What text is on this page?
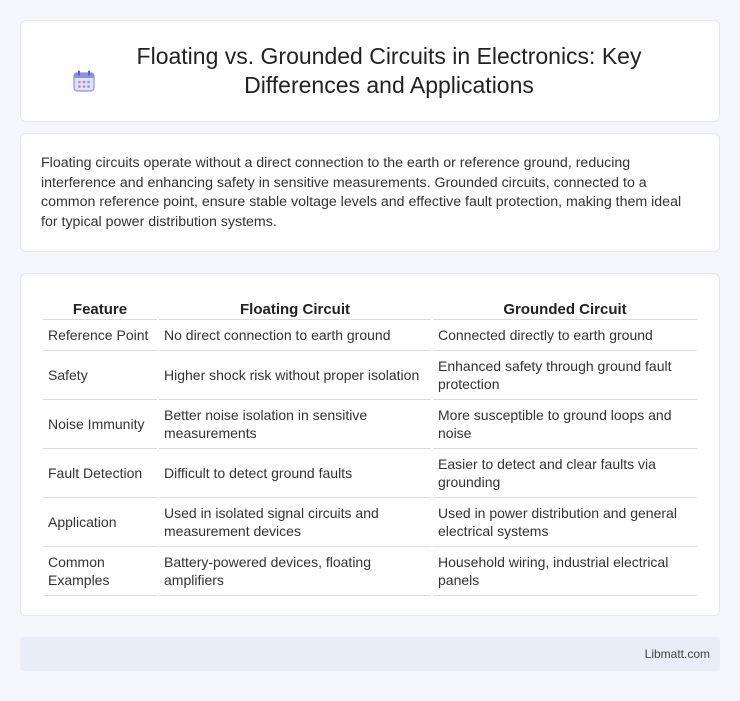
Floating vs. Grounded Circuits in Electronics: Key Differences and Applications

Floating circuits operate without a direct connection to the earth or reference ground, reducing interference and enhancing safety in sensitive measurements. Grounded circuits, connected to a common reference point, ensure stable voltage levels and effective fault protection, making them ideal for typical power distribution systems.

Feature	Floating Circuit	Grounded Circuit
Reference Point	No direct connection to earth ground	Connected directly to earth ground
Safety	Higher shock risk without proper isolation	Enhanced safety through ground fault protection
Noise Immunity	Better noise isolation in sensitive measurements	More susceptible to ground loops and noise
Fault Detection	Difficult to detect ground faults	Easier to detect and clear faults via grounding
Application	Used in isolated signal circuits and measurement devices	Used in power distribution and general electrical systems
Common Examples	Battery-powered devices, floating amplifiers	Household wiring, industrial electrical panels
Libmatt.com
